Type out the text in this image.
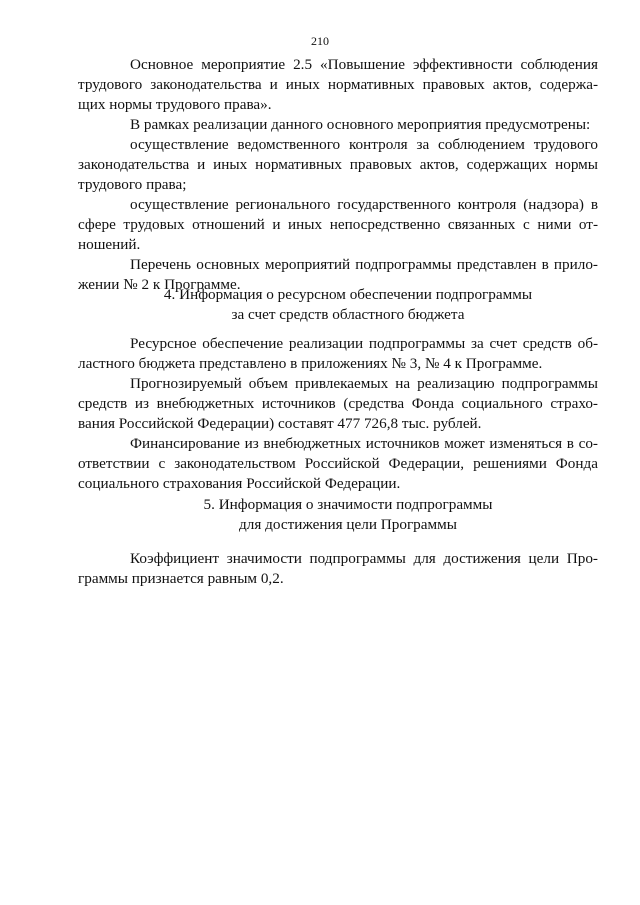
210
Основное мероприятие 2.5 «Повышение эффективности соблюдения
трудового законодательства и иных нормативных правовых актов, содержа-
щих нормы трудового права».
В рамках реализации данного основного мероприятия предусмотрены:
осуществление ведомственного контроля за соблюдением трудового
законодательства и иных нормативных правовых актов, содержащих нормы
трудового права;
осуществление регионального государственного контроля (надзора) в
сфере трудовых отношений и иных непосредственно связанных с ними от-
ношений.
Перечень основных мероприятий подпрограммы представлен в прило-
жении № 2 к Программе.
4. Информация о ресурсном обеспечении подпрограммы
за счет средств областного бюджета
Ресурсное обеспечение реализации подпрограммы за счет средств об-
ластного бюджета представлено в приложениях № 3, № 4 к Программе.
Прогнозируемый объем привлекаемых на реализацию подпрограммы
средств из внебюджетных источников (средства Фонда социального страхо-
вания Российской Федерации) составят 477 726,8 тыс. рублей.
Финансирование из внебюджетных источников может изменяться в со-
ответствии с законодательством Российской Федерации, решениями Фонда
социального страхования Российской Федерации.
5. Информация о значимости подпрограммы
для достижения цели Программы
Коэффициент значимости подпрограммы для достижения цели Про-
граммы признается равным 0,2.
